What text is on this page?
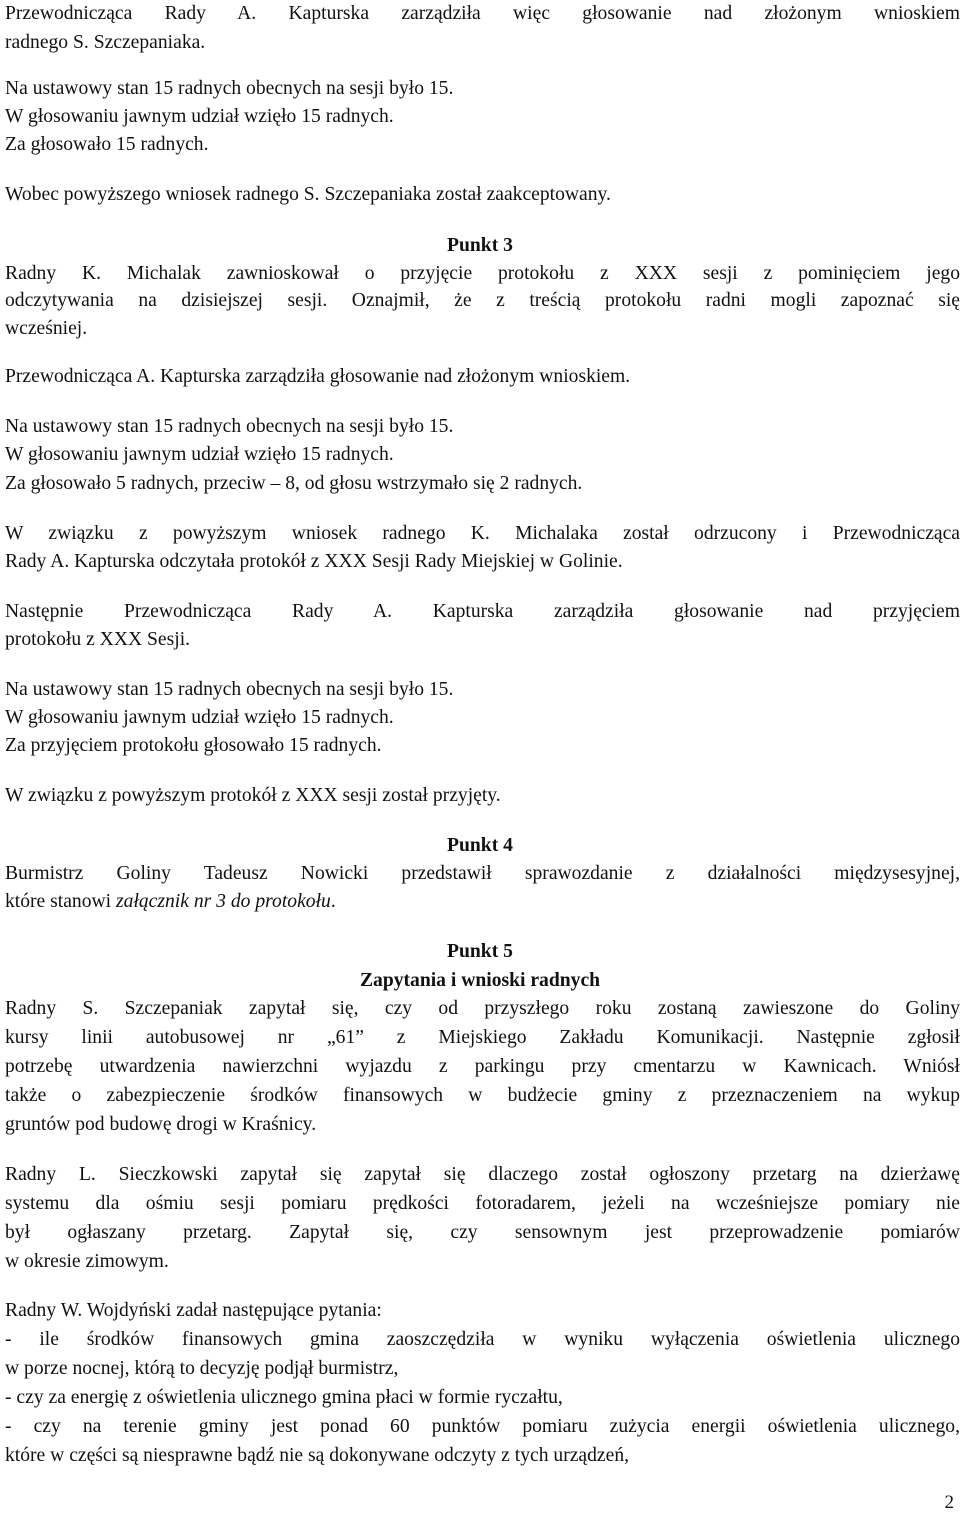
Przewodnicząca Rady A. Kapturska zarządziła więc głosowanie nad złożonym wnioskiem
radnego S. Szczepaniaka.
Na ustawowy stan 15 radnych obecnych na sesji było 15.
W głosowaniu jawnym udział wzięło 15 radnych.
Za głosowało 15 radnych.
Wobec powyższego wniosek radnego S. Szczepaniaka został zaakceptowany.
Punkt 3
Radny K. Michalak zawnioskował o przyjęcie protokołu z XXX sesji z pominięciem jego
odczytywania na dzisiejszej sesji. Oznajmił, że z treścią protokołu radni mogli zapoznać się
wcześniej.
Przewodnicząca A. Kapturska zarządziła głosowanie nad złożonym wnioskiem.
Na ustawowy stan 15 radnych obecnych na sesji było 15.
W głosowaniu jawnym udział wzięło 15 radnych.
Za głosowało 5 radnych, przeciw – 8, od głosu wstrzymało się 2 radnych.
W związku z powyższym wniosek radnego K. Michalaka został odrzucony i Przewodnicząca
Rady A. Kapturska odczytała protokół z XXX Sesji Rady Miejskiej w Golinie.
Następnie Przewodnicząca Rady A. Kapturska zarządziła głosowanie nad przyjęciem
protokołu z XXX Sesji.
Na ustawowy stan 15 radnych obecnych na sesji było 15.
W głosowaniu jawnym udział wzięło 15 radnych.
Za przyjęciem protokołu głosowało 15 radnych.
W związku z powyższym protokół z XXX sesji został przyjęty.
Punkt 4
Burmistrz Goliny Tadeusz Nowicki przedstawił sprawozdanie z działalności międzysesyjnej,
które stanowi załącznik nr 3 do protokołu.
Punkt 5
Zapytania i wnioski radnych
Radny S. Szczepaniak zapytał się, czy od przyszłego roku zostaną zawieszone do Goliny
kursy linii autobusowej nr „61” z Miejskiego Zakładu Komunikacji. Następnie zgłosił
potrzebę utwardzenia nawierzchni wyjazdu z parkingu przy cmentarzu w Kawnicach. Wniósł
także o zabezpieczenie środków finansowych w budżecie gminy z przeznaczeniem na wykup
gruntów pod budowę drogi w Kraśnicy.
Radny L. Sieczkowski zapytał się zapytał się dlaczego został ogłoszony przetarg na dzierżawę
systemu dla ośmiu sesji pomiaru prędkości fotoradarem, jeżeli na wcześniejsze pomiary nie
był ogłaszany przetarg. Zapytał się, czy sensownym jest przeprowadzenie pomiarów
w okresie zimowym.
Radny W. Wojdyński zadał następujące pytania:
- ile środków finansowych gmina zaoszczędziła w wyniku wyłączenia oświetlenia ulicznego
w porze nocnej, którą to decyzję podjął burmistrz,
- czy za energię z oświetlenia ulicznego gmina płaci w formie ryczałtu,
- czy na terenie gminy jest ponad 60 punktów pomiaru zużycia energii oświetlenia ulicznego,
które w części są niesprawne bądź nie są dokonywane odczyty z tych urządzeń,
2
